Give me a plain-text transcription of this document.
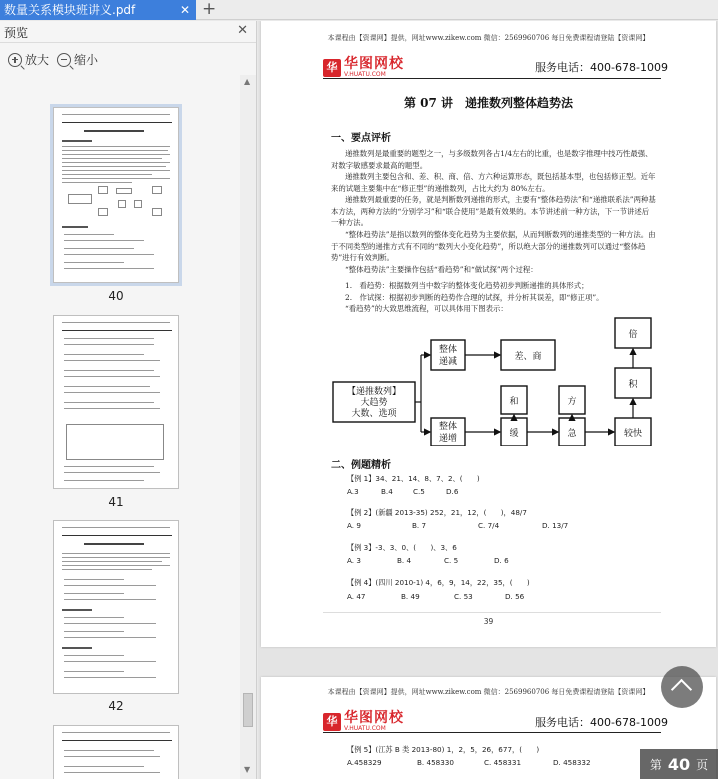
数量关系模块班讲义.pdf	✕ +
预览	✕
放大 缩小
40
41
42
▲
▼
本课程由【资课网】提供，网址www.zikew.com 微信：2569960706 每日免费课程请登陆【资课网】
华 华图网校
V.HUATU.COM
服务电话：400-678-1009
第 07 讲　递推数列整体趋势法
一、要点评析
递推数列是最重要的题型之一，与多级数列各占1/4左右的比重，也是数字推理中技巧性最强、对数字敏感要求最高的题型。
递推数列主要包含和、差、积、商、倍、方六种运算形态，既包括基本型，也包括修正型。近年来的试题主要集中在“修正型”的递推数列，占比大约为 80%左右。
递推数列最重要的任务，就是判断数列递推的形式，主要有“整体趋势法”和“递推联系法”两种基本方法，两种方法的“分别学习”和“联合使用”是最有效果的。本节讲述前一种方法，下一节讲述后一种方法。
“整体趋势法”是指以数列的整体变化趋势为主要依据，从而判断数列的递推类型的一种方法。由于不同类型的递推方式有不同的“数列大小变化趋势”，所以绝大部分的递推数列可以通过“整体趋势”进行有效判断。
“整体趋势法”主要操作包括“看趋势”和“做试探”两个过程：
1.　看趋势：根据数列当中数字的整体变化趋势初步判断递推的具体形式；
2.　作试探：根据初步判断的趋势作合理的试探，并分析其误差，即“修正项”。
“看趋势”的大致思维流程，可以具体用下图表示：
【递推数列】
大趋势
大数、选项
整体
递减
整体
递增
差、商
和	方
缓	急	较快
倍
积
二、例题精析
【例 1】34、21、14、8、7、2、(　　)
A.3	B.4	C.5	D.6
【例 2】(新疆 2013-35) 252，21，12，(　　)，48/7
A. 9	B. 7	C. 7/4	D. 13/7
【例 3】-3、3、0、(　　)、3、6
A. 3	B. 4	C. 5	D. 6
【例 4】(四川 2010-1) 4，6，9，14，22，35，(　　)
A. 47	B. 49	C. 53	D. 56
39
本课程由【资课网】提供，网址www.zikew.com 微信：2569960706 每日免费课程请登陆【资课网】
华 华图网校
V.HUATU.COM	服务电话：400-678-1009
【例 5】(江苏 B 类 2013-80) 1，2，5，26，677，(　　)
A.458329	B. 458330	C. 458331	D. 458332	第 40 页
